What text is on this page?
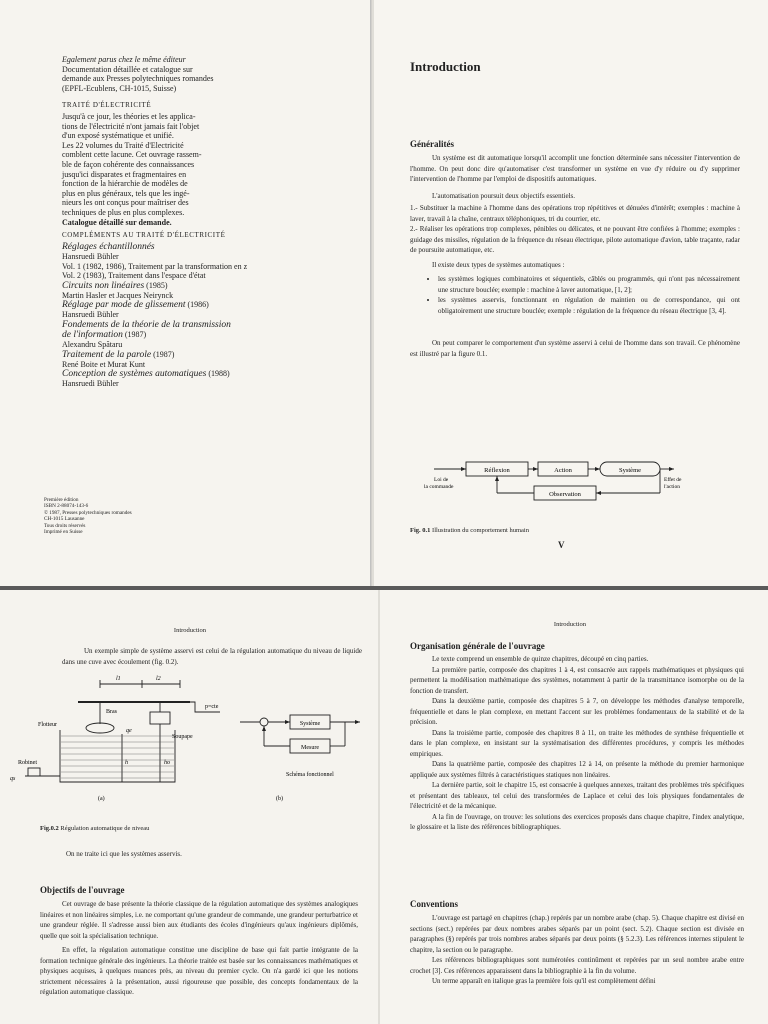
Egalement parus chez le même éditeur
Documentation détaillée et catalogue sur
demande aux Presses polytechniques romandes
(EPFL-Ecublens, CH-1015, Suisse)
TRAITÉ D'ÉLECTRICITÉ
Jusqu'à ce jour, les théories et les applica-
tions de l'électricité n'ont jamais fait l'objet
d'un exposé systématique et unifié.
Les 22 volumes du Traité d'Electricité
comblent cette lacune. Cet ouvrage rassem-
ble de façon cohérente des connaissances
jusqu'ici disparates et fragmentaires en
fonction de la hiérarchie de modèles de
plus en plus généraux, tels que les ingé-
nieurs les ont conçus pour maîtriser des
techniques de plus en plus complexes.
Catalogue détaillé sur demande.
COMPLÉMENTS AU TRAITÉ D'ÉLECTRICITÉ
Réglages échantillonnés
Hansruedi Bühler
Vol. 1 (1982, 1986), Traitement par la transformation en z
Vol. 2 (1983), Traitement dans l'espace d'état
Circuits non linéaires (1985)
Martin Hasler et Jacques Neirynck
Réglage par mode de glissement (1986)
Hansruedi Bühler
Fondements de la théorie de la transmission
de l'information (1987)
Alexandru Spătaru
Traitement de la parole (1987)
René Boite et Murat Kunt
Conception de systèmes automatiques (1988)
Hansruedi Bühler
Première édition
ISBN 2-88074-143-6
© 1987, Presses polytechniques romandes
CH-1015 Lausanne
Tous droits réservés
Imprimé en Suisse
Introduction
Généralités

Un système est dit automatique lorsqu'il accomplit une fonction déterminée sans nécessiter l'intervention de l'homme. On peut donc dire qu'automatiser c'est transformer un système en vue d'y réduire ou d'y supprimer l'intervention de l'homme par l'emploi de dispositifs automatiques.

L'automatisation poursuit deux objectifs essentiels.

1.- Substituer la machine à l'homme dans des opérations trop répétitives et dénuées d'intérêt; exemples : machine à laver, travail à la chaîne, centraux téléphoniques, tri du courrier, etc.

2.- Réaliser les opérations trop complexes, pénibles ou délicates, et ne pouvant être confiées à l'homme; exemples : guidage des missiles, régulation de la fréquence du réseau électrique, pilote automatique d'avion, table traçante, radar de poursuite automatique, etc.

Il existe deux types de systèmes automatiques :

• les systèmes logiques combinatoires et séquentiels, câblés ou programmés, qui n'ont pas nécessairement une structure bouclée; exemple : machine à laver automatique, [1, 2];
• les systèmes asservis, fonctionnant en régulation de maintien ou de correspondance, qui ont obligatoirement une structure bouclée; exemple : régulation de la fréquence du réseau électrique [3, 4].

On peut comparer le comportement d'un système asservi à celui de l'homme dans son travail. Ce phénomène est illustré par la figure 0.1.

Réflexion	Action	Système
Observation
Loi de
la commande
Effet de
l'action
Fig. 0.1 Illustration du comportement humain
V
Introduction

Un exemple simple de système asservi est celui de la régulation automatique du niveau de liquide dans une cuve avec écoulement (fig. 0.2).

l1	l2
Bras
p=cte
Flotteur
Soupape
Robinet	h	ho
qe
qs
(a)
Système
Mesure
Schéma fonctionnel
(b)
Fig.0.2 Régulation automatique de niveau
On ne traite ici que les systèmes asservis.
Objectifs de l'ouvrage

Cet ouvrage de base présente la théorie classique de la régulation automatique des systèmes analogiques linéaires et non linéaires simples, i.e. ne comportant qu'une grandeur de commande, une grandeur perturbatrice et une grandeur réglée. Il s'adresse aussi bien aux étudiants des écoles d'ingénieurs qu'aux ingénieurs diplômés, quelle que soit la spécialisation technique.

En effet, la régulation automatique constitue une discipline de base qui fait partie intégrante de la formation technique générale des ingénieurs. La théorie traitée est basée sur les connaissances mathématiques et physiques acquises, à quelques nuances près, au niveau du premier cycle. On n'a gardé ici que les notions strictement nécessaires à la présentation, aussi rigoureuse que possible, des concepts fondamentaux de la régulation automatique classique.

Introduction
Organisation générale de l'ouvrage

Le texte comprend un ensemble de quinze chapitres, découpé en cinq parties.

La première partie, composée des chapitres 1 à 4, est consacrée aux rappels mathématiques et physiques qui permettent la modélisation mathématique des systèmes, notamment à partir de la transmittance isomorphe ou de la fonction de transfert.

Dans la deuxième partie, composée des chapitres 5 à 7, on développe les méthodes d'analyse temporelle, fréquentielle et dans le plan complexe, en mettant l'accent sur les problèmes fondamentaux de la stabilité et de la précision.

Dans la troisième partie, composée des chapitres 8 à 11, on traite les méthodes de synthèse fréquentielle et dans le plan complexe, en insistant sur la systématisation des différentes procédures, y compris les méthodes empiriques.

Dans la quatrième partie, composée des chapitres 12 à 14, on présente la méthode du premier harmonique appliquée aux systèmes filtrés à caractéristiques statiques non linéaires.

La dernière partie, soit le chapitre 15, est consacrée à quelques annexes, traitant des problèmes très spécifiques et présentant des tableaux, tel celui des transformées de Laplace et celui des lois physiques fondamentales de l'électricité et de la mécanique.

A la fin de l'ouvrage, on trouve: les solutions des exercices proposés dans chaque chapitre, l'index analytique, le glossaire et la liste des références bibliographiques.

Conventions

L'ouvrage est partagé en chapitres (chap.) repérés par un nombre arabe (chap. 5). Chaque chapitre est divisé en sections (sect.) repérées par deux nombres arabes séparés par un point (sect. 5.2). Chaque section est divisée en paragraphes (§) repérés par trois nombres arabes séparés par deux points (§ 5.2.3). Les références internes stipulent le chapitre, la section ou le paragraphe.

Les références bibliographiques sont numérotées continûment et repérées par un seul nombre arabe entre crochet [3]. Ces références apparaissent dans la bibliographie à la fin du volume.

Un terme apparaît en italique gras la première fois qu'il est complètement défini
